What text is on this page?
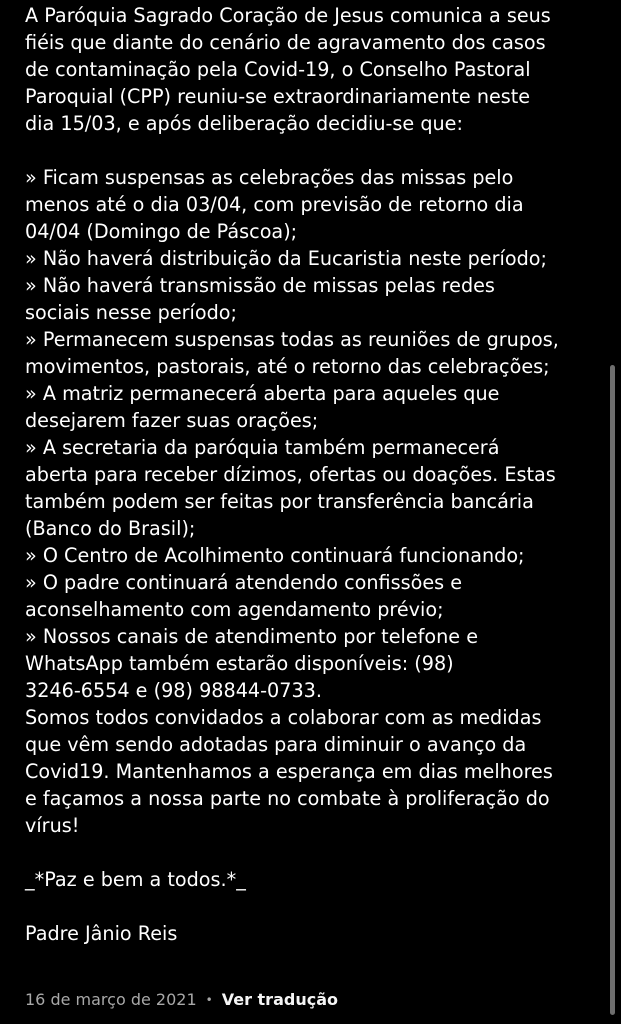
A Paróquia Sagrado Coração de Jesus comunica a seus
fiéis que diante do cenário de agravamento dos casos
de contaminação pela Covid-19, o Conselho Pastoral
Paroquial (CPP) reuniu-se extraordinariamente neste
dia 15/03, e após deliberação decidiu-se que:

» Ficam suspensas as celebrações das missas pelo
menos até o dia 03/04, com previsão de retorno dia
04/04 (Domingo de Páscoa);
» Não haverá distribuição da Eucaristia neste período;
» Não haverá transmissão de missas pelas redes
sociais nesse período;
» Permanecem suspensas todas as reuniões de grupos,
movimentos, pastorais, até o retorno das celebrações;
» A matriz permanecerá aberta para aqueles que
desejarem fazer suas orações;
» A secretaria da paróquia também permanecerá
aberta para receber dízimos, ofertas ou doações. Estas
também podem ser feitas por transferência bancária
(Banco do Brasil);
» O Centro de Acolhimento continuará funcionando;
» O padre continuará atendendo confissões e
aconselhamento com agendamento prévio;
» Nossos canais de atendimento por telefone e
WhatsApp também estarão disponíveis: (98)
3246-6554 e (98) 98844-0733.

Somos todos convidados a colaborar com as medidas
que vêm sendo adotadas para diminuir o avanço da
Covid19. Mantenhamos a esperança em dias melhores
e façamos a nossa parte no combate à proliferação do
vírus!

_*Paz e bem a todos.*_

Padre Jânio Reis

16 de março de 2021 • Ver tradução
